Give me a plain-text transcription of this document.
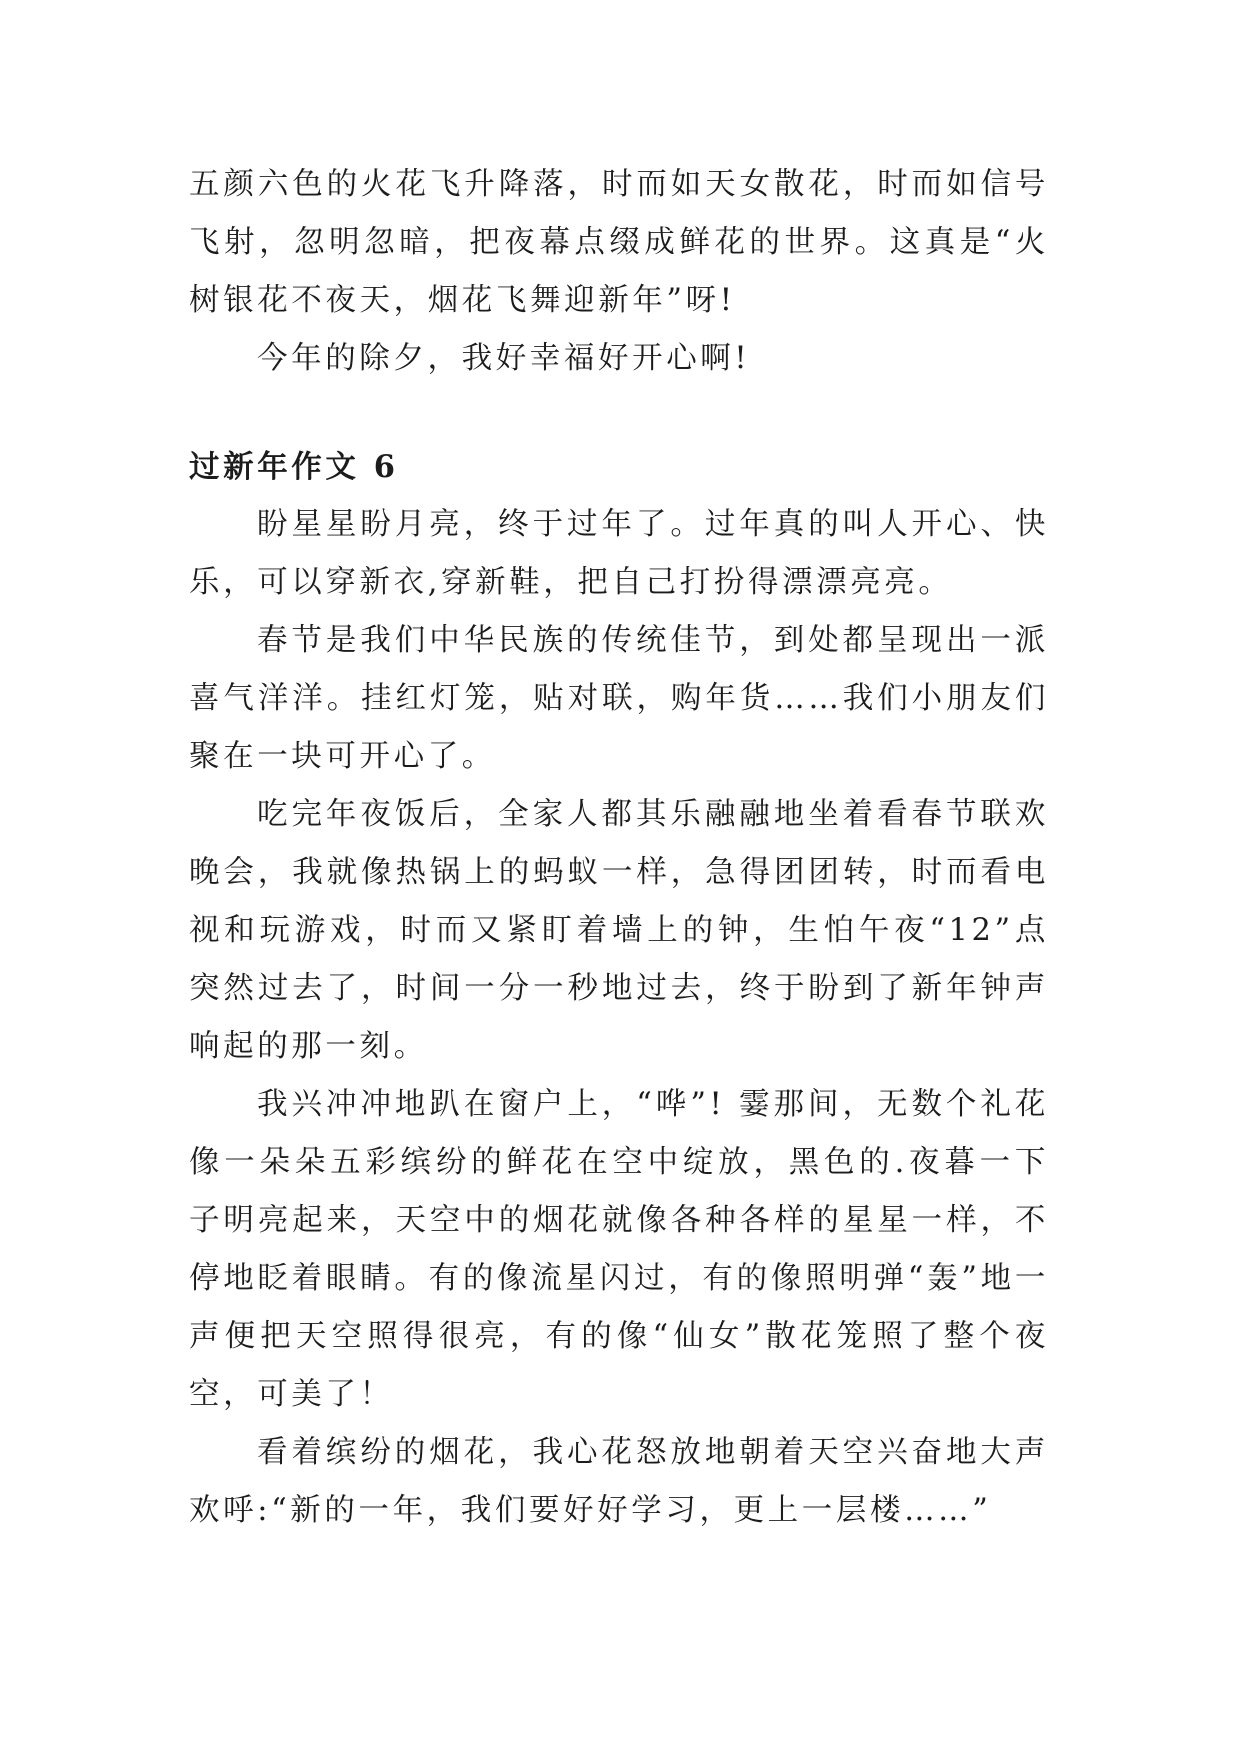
五颜六色的火花飞升降落，时而如天女散花，时而如信号飞射，忽明忽暗，把夜幕点缀成鲜花的世界。这真是“火树银花不夜天，烟花飞舞迎新年”呀!

今年的除夕，我好幸福好开心啊!

过新年作文 6

盼星星盼月亮，终于过年了。过年真的叫人开心、快乐，可以穿新衣,穿新鞋，把自己打扮得漂漂亮亮。

春节是我们中华民族的传统佳节，到处都呈现出一派喜气洋洋。挂红灯笼，贴对联，购年货……我们小朋友们聚在一块可开心了。

吃完年夜饭后，全家人都其乐融融地坐着看春节联欢晚会，我就像热锅上的蚂蚁一样，急得团团转，时而看电视和玩游戏，时而又紧盯着墙上的钟，生怕午夜“12”点突然过去了，时间一分一秒地过去，终于盼到了新年钟声响起的那一刻。

我兴冲冲地趴在窗户上，“哗”! 霎那间，无数个礼花像一朵朵五彩缤纷的鲜花在空中绽放，黑色的.夜暮一下子明亮起来，天空中的烟花就像各种各样的星星一样，不停地眨着眼睛。有的像流星闪过，有的像照明弹“轰”地一声便把天空照得很亮，有的像“仙女”散花笼照了整个夜空，可美了！

看着缤纷的烟花，我心花怒放地朝着天空兴奋地大声欢呼:“新的一年，我们要好好学习，更上一层楼……”
